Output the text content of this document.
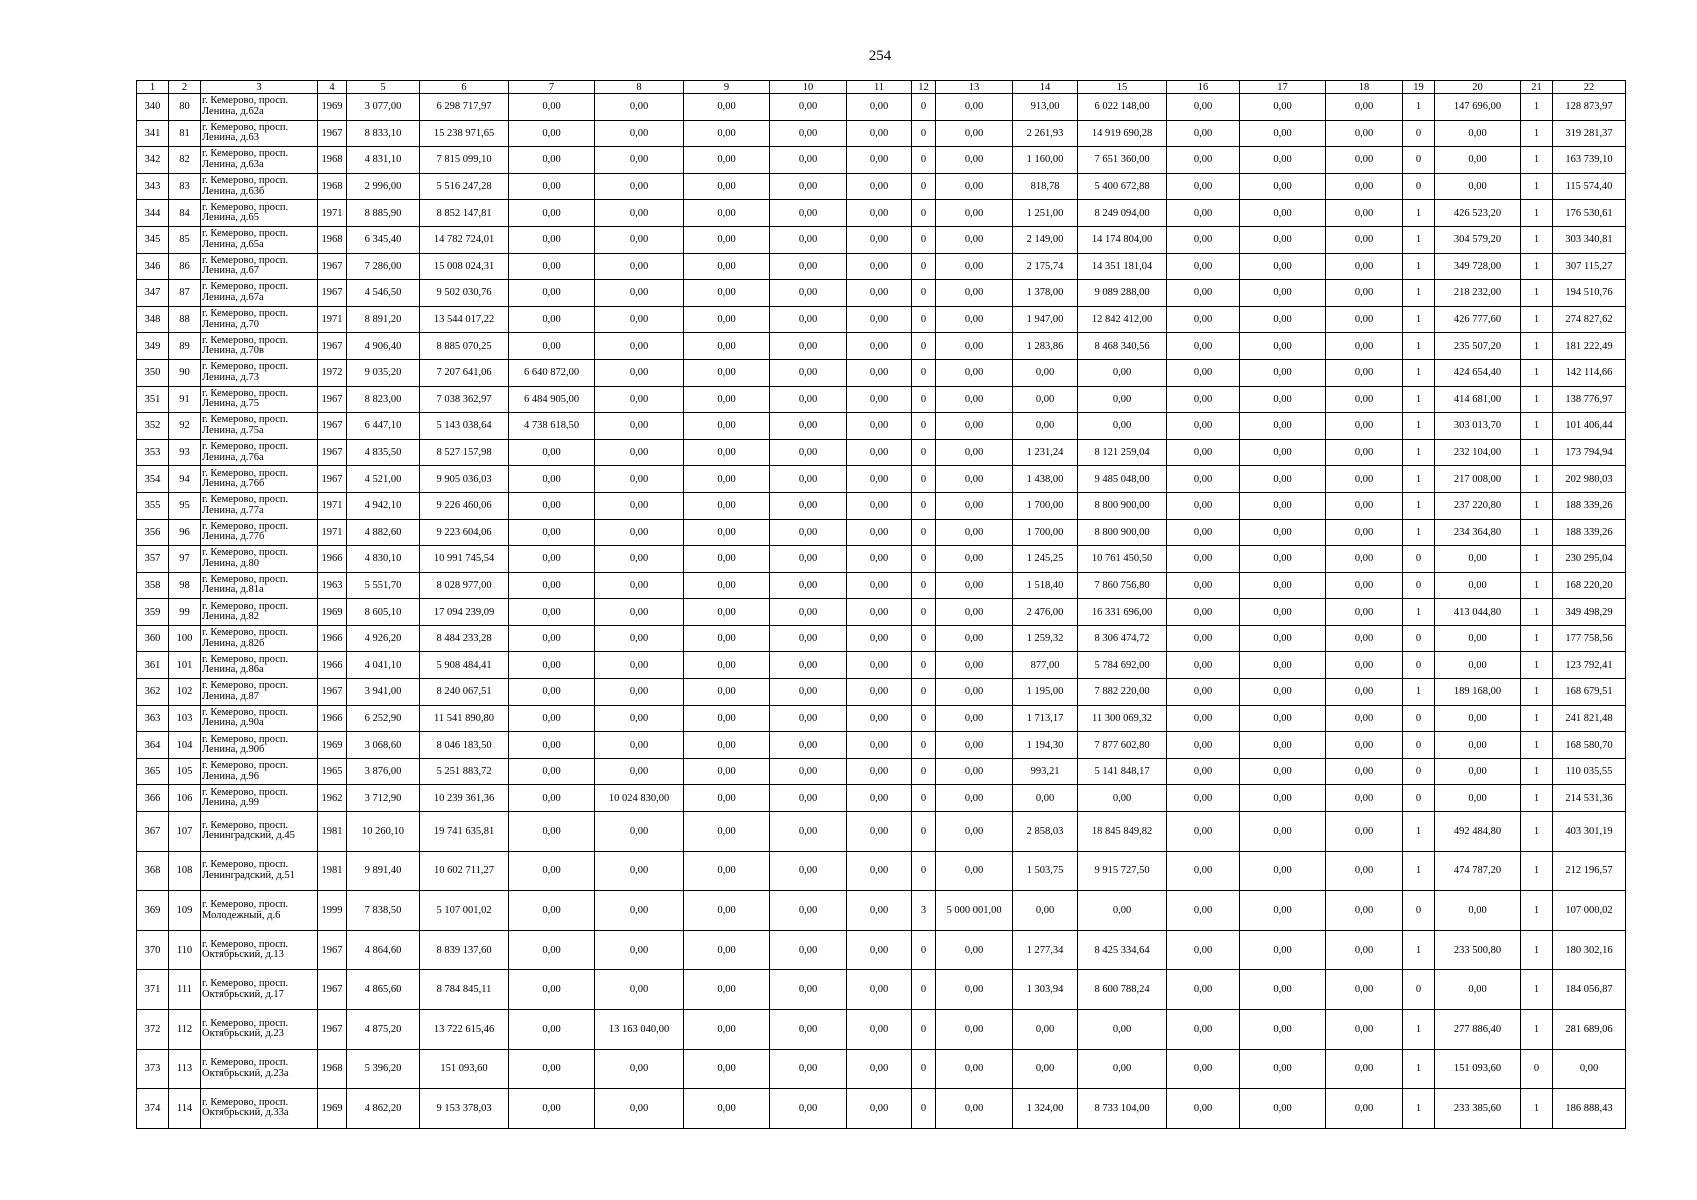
254
1	2	3	4	5	6	7	8	9	10	11	12	13	14	15	16	17	18	19	20	21	22
340	80	г. Кемерово, просп. Ленина, д.62а	1969	3 077,00	6 298 717,97	0,00	0,00	0,00	0,00	0,00	0	0,00	913,00	6 022 148,00	0,00	0,00	0,00	1	147 696,00	1	128 873,97
341	81	г. Кемерово, просп. Ленина, д.63	1967	8 833,10	15 238 971,65	0,00	0,00	0,00	0,00	0,00	0	0,00	2 261,93	14 919 690,28	0,00	0,00	0,00	0	0,00	1	319 281,37
342	82	г. Кемерово, просп. Ленина, д.63а	1968	4 831,10	7 815 099,10	0,00	0,00	0,00	0,00	0,00	0	0,00	1 160,00	7 651 360,00	0,00	0,00	0,00	0	0,00	1	163 739,10
343	83	г. Кемерово, просп. Ленина, д.63б	1968	2 996,00	5 516 247,28	0,00	0,00	0,00	0,00	0,00	0	0,00	818,78	5 400 672,88	0,00	0,00	0,00	0	0,00	1	115 574,40
344	84	г. Кемерово, просп. Ленина, д.65	1971	8 885,90	8 852 147,81	0,00	0,00	0,00	0,00	0,00	0	0,00	1 251,00	8 249 094,00	0,00	0,00	0,00	1	426 523,20	1	176 530,61
345	85	г. Кемерово, просп. Ленина, д.65а	1968	6 345,40	14 782 724,01	0,00	0,00	0,00	0,00	0,00	0	0,00	2 149,00	14 174 804,00	0,00	0,00	0,00	1	304 579,20	1	303 340,81
346	86	г. Кемерово, просп. Ленина, д.67	1967	7 286,00	15 008 024,31	0,00	0,00	0,00	0,00	0,00	0	0,00	2 175,74	14 351 181,04	0,00	0,00	0,00	1	349 728,00	1	307 115,27
347	87	г. Кемерово, просп. Ленина, д.67а	1967	4 546,50	9 502 030,76	0,00	0,00	0,00	0,00	0,00	0	0,00	1 378,00	9 089 288,00	0,00	0,00	0,00	1	218 232,00	1	194 510,76
348	88	г. Кемерово, просп. Ленина, д.70	1971	8 891,20	13 544 017,22	0,00	0,00	0,00	0,00	0,00	0	0,00	1 947,00	12 842 412,00	0,00	0,00	0,00	1	426 777,60	1	274 827,62
349	89	г. Кемерово, просп. Ленина, д.70в	1967	4 906,40	8 885 070,25	0,00	0,00	0,00	0,00	0,00	0	0,00	1 283,86	8 468 340,56	0,00	0,00	0,00	1	235 507,20	1	181 222,49
350	90	г. Кемерово, просп. Ленина, д.73	1972	9 035,20	7 207 641,06	6 640 872,00	0,00	0,00	0,00	0,00	0	0,00	0,00	0,00	0,00	0,00	0,00	1	424 654,40	1	142 114,66
351	91	г. Кемерово, просп. Ленина, д.75	1967	8 823,00	7 038 362,97	6 484 905,00	0,00	0,00	0,00	0,00	0	0,00	0,00	0,00	0,00	0,00	0,00	1	414 681,00	1	138 776,97
352	92	г. Кемерово, просп. Ленина, д.75а	1967	6 447,10	5 143 038,64	4 738 618,50	0,00	0,00	0,00	0,00	0	0,00	0,00	0,00	0,00	0,00	0,00	1	303 013,70	1	101 406,44
353	93	г. Кемерово, просп. Ленина, д.76а	1967	4 835,50	8 527 157,98	0,00	0,00	0,00	0,00	0,00	0	0,00	1 231,24	8 121 259,04	0,00	0,00	0,00	1	232 104,00	1	173 794,94
354	94	г. Кемерово, просп. Ленина, д.76б	1967	4 521,00	9 905 036,03	0,00	0,00	0,00	0,00	0,00	0	0,00	1 438,00	9 485 048,00	0,00	0,00	0,00	1	217 008,00	1	202 980,03
355	95	г. Кемерово, просп. Ленина, д.77а	1971	4 942,10	9 226 460,06	0,00	0,00	0,00	0,00	0,00	0	0,00	1 700,00	8 800 900,00	0,00	0,00	0,00	1	237 220,80	1	188 339,26
356	96	г. Кемерово, просп. Ленина, д.77б	1971	4 882,60	9 223 604,06	0,00	0,00	0,00	0,00	0,00	0	0,00	1 700,00	8 800 900,00	0,00	0,00	0,00	1	234 364,80	1	188 339,26
357	97	г. Кемерово, просп. Ленина, д.80	1966	4 830,10	10 991 745,54	0,00	0,00	0,00	0,00	0,00	0	0,00	1 245,25	10 761 450,50	0,00	0,00	0,00	0	0,00	1	230 295,04
358	98	г. Кемерово, просп. Ленина, д.81а	1963	5 551,70	8 028 977,00	0,00	0,00	0,00	0,00	0,00	0	0,00	1 518,40	7 860 756,80	0,00	0,00	0,00	0	0,00	1	168 220,20
359	99	г. Кемерово, просп. Ленина, д.82	1969	8 605,10	17 094 239,09	0,00	0,00	0,00	0,00	0,00	0	0,00	2 476,00	16 331 696,00	0,00	0,00	0,00	1	413 044,80	1	349 498,29
360	100	г. Кемерово, просп. Ленина, д.82б	1966	4 926,20	8 484 233,28	0,00	0,00	0,00	0,00	0,00	0	0,00	1 259,32	8 306 474,72	0,00	0,00	0,00	0	0,00	1	177 758,56
361	101	г. Кемерово, просп. Ленина, д.86а	1966	4 041,10	5 908 484,41	0,00	0,00	0,00	0,00	0,00	0	0,00	877,00	5 784 692,00	0,00	0,00	0,00	0	0,00	1	123 792,41
362	102	г. Кемерово, просп. Ленина, д.87	1967	3 941,00	8 240 067,51	0,00	0,00	0,00	0,00	0,00	0	0,00	1 195,00	7 882 220,00	0,00	0,00	0,00	1	189 168,00	1	168 679,51
363	103	г. Кемерово, просп. Ленина, д.90а	1966	6 252,90	11 541 890,80	0,00	0,00	0,00	0,00	0,00	0	0,00	1 713,17	11 300 069,32	0,00	0,00	0,00	0	0,00	1	241 821,48
364	104	г. Кемерово, просп. Ленина, д.90б	1969	3 068,60	8 046 183,50	0,00	0,00	0,00	0,00	0,00	0	0,00	1 194,30	7 877 602,80	0,00	0,00	0,00	0	0,00	1	168 580,70
365	105	г. Кемерово, просп. Ленина, д.96	1965	3 876,00	5 251 883,72	0,00	0,00	0,00	0,00	0,00	0	0,00	993,21	5 141 848,17	0,00	0,00	0,00	0	0,00	1	110 035,55
366	106	г. Кемерово, просп. Ленина, д.99	1962	3 712,90	10 239 361,36	0,00	10 024 830,00	0,00	0,00	0,00	0	0,00	0,00	0,00	0,00	0,00	0,00	0	0,00	1	214 531,36
367	107	г. Кемерово, просп. Ленинградский, д.45	1981	10 260,10	19 741 635,81	0,00	0,00	0,00	0,00	0,00	0	0,00	2 858,03	18 845 849,82	0,00	0,00	0,00	1	492 484,80	1	403 301,19
368	108	г. Кемерово, просп. Ленинградский, д.51	1981	9 891,40	10 602 711,27	0,00	0,00	0,00	0,00	0,00	0	0,00	1 503,75	9 915 727,50	0,00	0,00	0,00	1	474 787,20	1	212 196,57
369	109	г. Кемерово, просп. Молодежный, д.6	1999	7 838,50	5 107 001,02	0,00	0,00	0,00	0,00	0,00	3	5 000 001,00	0,00	0,00	0,00	0,00	0,00	0	0,00	1	107 000,02
370	110	г. Кемерово, просп. Октябрьский, д.13	1967	4 864,60	8 839 137,60	0,00	0,00	0,00	0,00	0,00	0	0,00	1 277,34	8 425 334,64	0,00	0,00	0,00	1	233 500,80	1	180 302,16
371	111	г. Кемерово, просп. Октябрьский, д.17	1967	4 865,60	8 784 845,11	0,00	0,00	0,00	0,00	0,00	0	0,00	1 303,94	8 600 788,24	0,00	0,00	0,00	0	0,00	1	184 056,87
372	112	г. Кемерово, просп. Октябрьский, д.23	1967	4 875,20	13 722 615,46	0,00	13 163 040,00	0,00	0,00	0,00	0	0,00	0,00	0,00	0,00	0,00	0,00	1	277 886,40	1	281 689,06
373	113	г. Кемерово, просп. Октябрьский, д.23а	1968	5 396,20	151 093,60	0,00	0,00	0,00	0,00	0,00	0	0,00	0,00	0,00	0,00	0,00	0,00	1	151 093,60	0	0,00
374	114	г. Кемерово, просп. Октябрьский, д.33а	1969	4 862,20	9 153 378,03	0,00	0,00	0,00	0,00	0,00	0	0,00	1 324,00	8 733 104,00	0,00	0,00	0,00	1	233 385,60	1	186 888,43
